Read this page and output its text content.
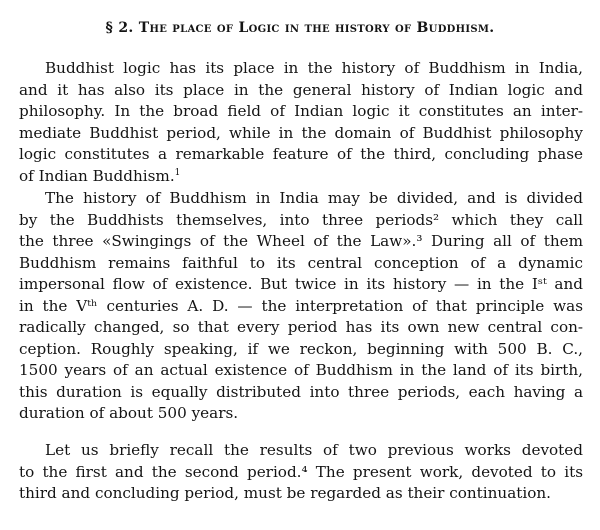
§ 2. The place of Logic in the history of Buddhism.
Buddhist logic has its place in the history of Buddhism in India,
and it has also its place in the general history of Indian logic and
philosophy. In the broad field of Indian logic it constitutes an inter-
mediate Buddhist period, while in the domain of Buddhist philosophy
logic constitutes a remarkable feature of the third, concluding phase
of Indian Buddhism.$^1$
The history of Buddhism in India may be divided, and is divided
by the Buddhists themselves, into three periods² which they call
the three «Swingings of the Wheel of the Law».³ During all of them
Buddhism remains faithful to its central conception of a dynamic
impersonal flow of existence. But twice in its history — in the Iˢᵗ and
in the Vᵗʰ centuries A. D. — the interpretation of that principle was
radically changed, so that every period has its own new central con-
ception. Roughly speaking, if we reckon, beginning with 500 B. C.,
1500 years of an actual existence of Buddhism in the land of its birth,
this duration is equally distributed into three periods, each having a
duration of about 500 years.
Let us briefly recall the results of two previous works devoted
to the first and the second period.⁴ The present work, devoted to its
third and concluding period, must be regarded as their continuation.
